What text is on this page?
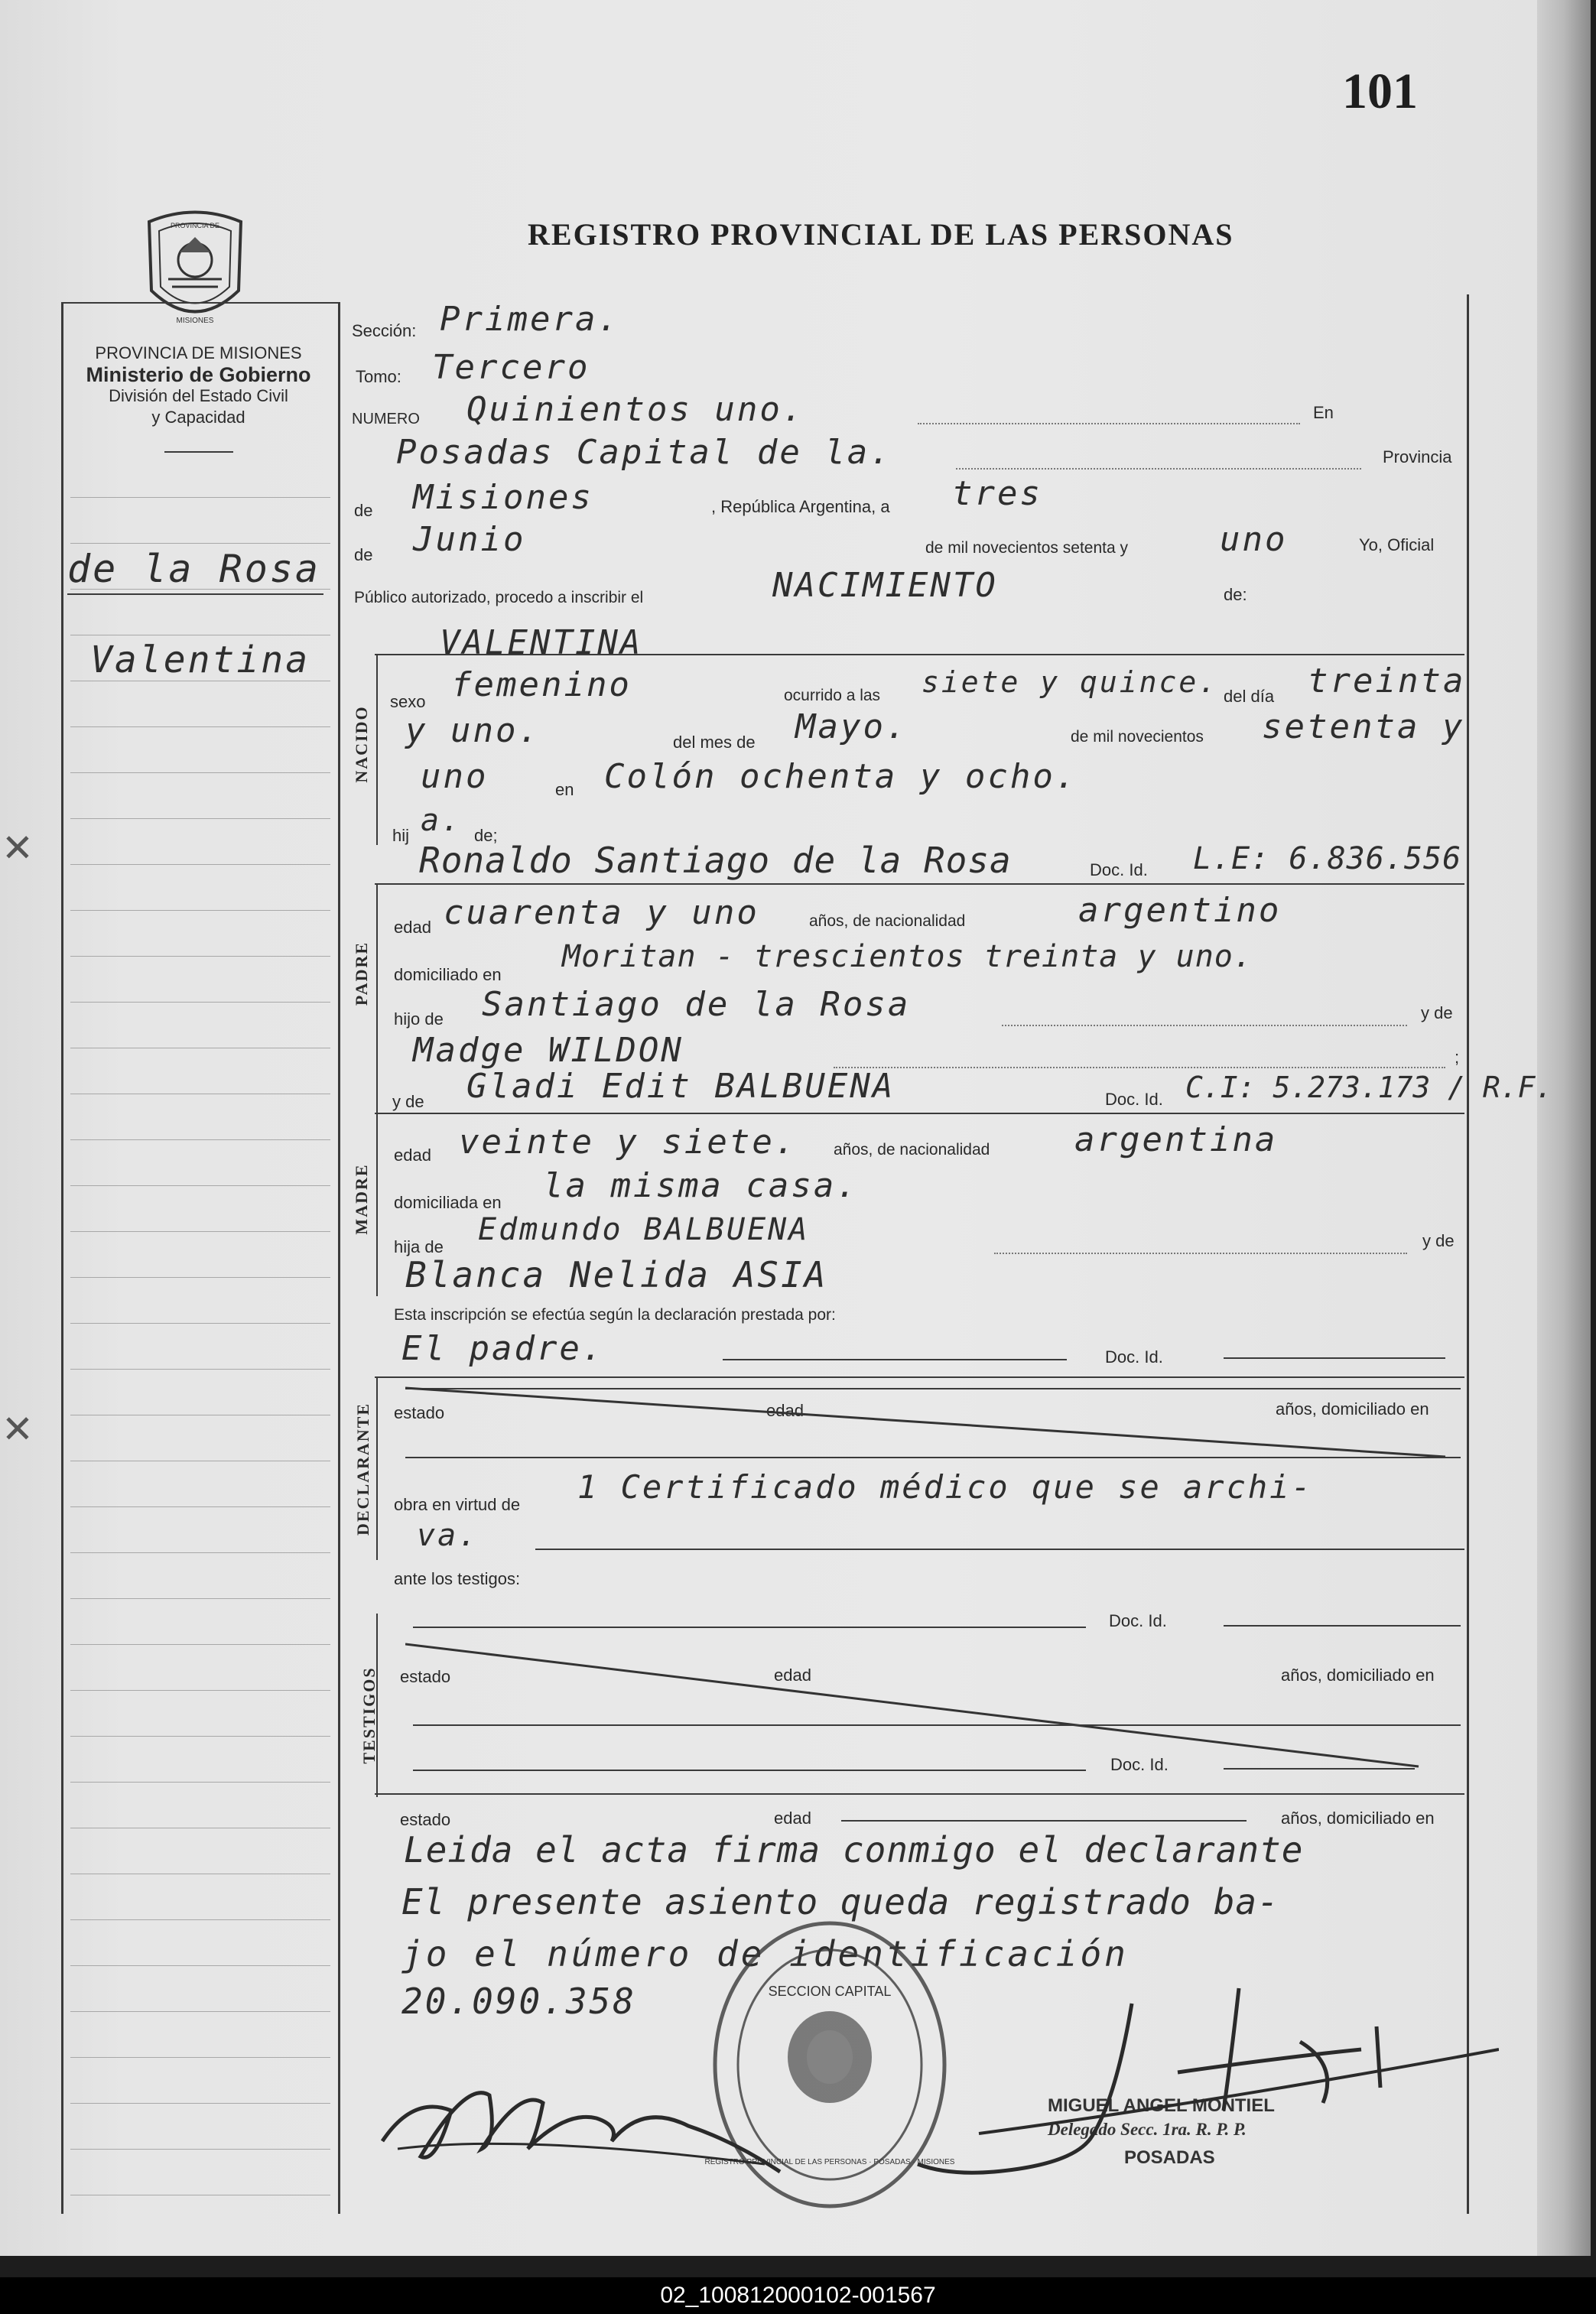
✕
✕
101
REGISTRO PROVINCIAL DE LAS PERSONAS
PROVINCIA DE
MISIONES
PROVINCIA DE MISIONES
Ministerio de Gobierno
División del Estado Civil
y Capacidad
de la Rosa
Valentina
Sección: Primera.
Tomo: Tercero
NUMERO Quinientos uno.	En
Posadas Capital de la.	Provincia
de Misiones	, República Argentina, a tres
de Junio	de mil novecientos setenta y	uno	Yo, Oficial
Público autorizado, procedo a inscribir el	NACIMIENTO	de:
NACIDO
VALENTINA
sexo femenino	ocurrido a las siete y quince. del día treinta
y uno.	del mes de Mayo.	de mil novecientos setenta y
uno	en Colón ochenta y ocho.
hij a. de;
Ronaldo Santiago de la Rosa	Doc. Id. L.E: 6.836.556
PADRE
edad cuarenta y uno	años, de nacionalidad	argentino
domiciliado en
Moritan - trescientos treinta y uno.
hijo de Santiago de la Rosa	y de
Madge WILDON	;
y de Gladi Edit BALBUENA	Doc. Id. C.I: 5.273.173 / R.F.
MADRE
edad veinte y siete. años, de nacionalidad	argentina
domiciliada en la misma casa.
hija de Edmundo BALBUENA	y de
Blanca Nelida ASIA
Esta inscripción se efectúa según la declaración prestada por:
El padre.	Doc. Id.
DECLARANTE estado	edad	años, domiciliado en
obra en virtud de 1 Certificado médico que se archi-
va.
ante los testigos:
TESTIGOS
Doc. Id.
estado	edad	años, domiciliado en
Doc. Id.
estado	edad	años, domiciliado en
Leida el acta firma conmigo el declarante
El presente asiento queda registrado ba-
jo el número de identificación
20.090.358	SECCION CAPITAL
REGISTRO PROVINCIAL DE LAS PERSONAS · POSADAS · MISIONES
MIGUEL ANGEL MONTIEL
Delegado Secc. 1ra. R. P. P.
POSADAS
02_100812000102-001567
